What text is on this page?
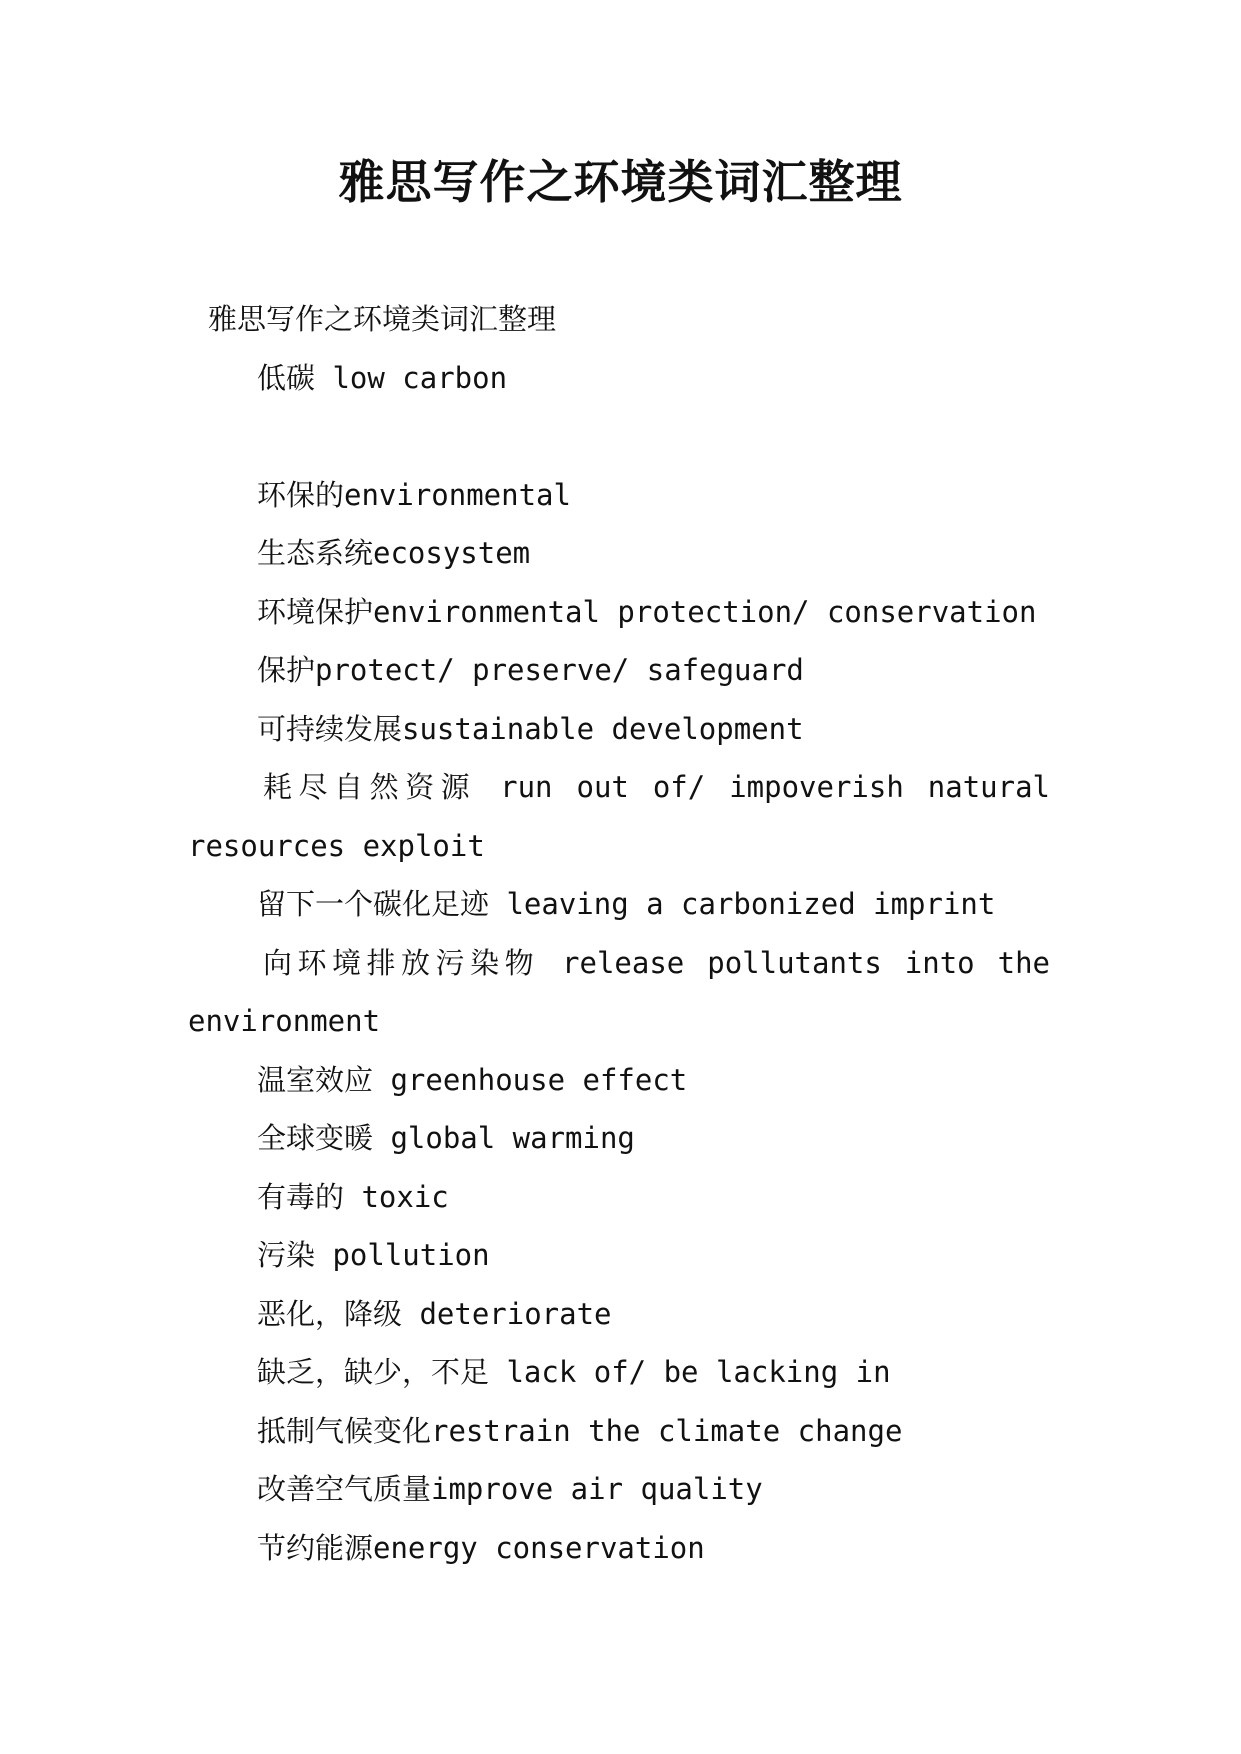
雅思写作之环境类词汇整理
雅思写作之环境类词汇整理
低碳 low carbon
环保的environmental
生态系统ecosystem
环境保护environmental protection/ conservation
保护protect/ preserve/ safeguard
可持续发展sustainable development
耗尽自然资源 run out of/ impoverish natural resources exploit
留下一个碳化足迹 leaving a carbonized imprint
向环境排放污染物 release pollutants into the environment
温室效应 greenhouse effect
全球变暖 global warming
有毒的 toxic
污染 pollution
恶化，降级 deteriorate
缺乏，缺少，不足 lack of/ be lacking in
抵制气候变化restrain the climate change
改善空气质量improve air quality
节约能源energy conservation
